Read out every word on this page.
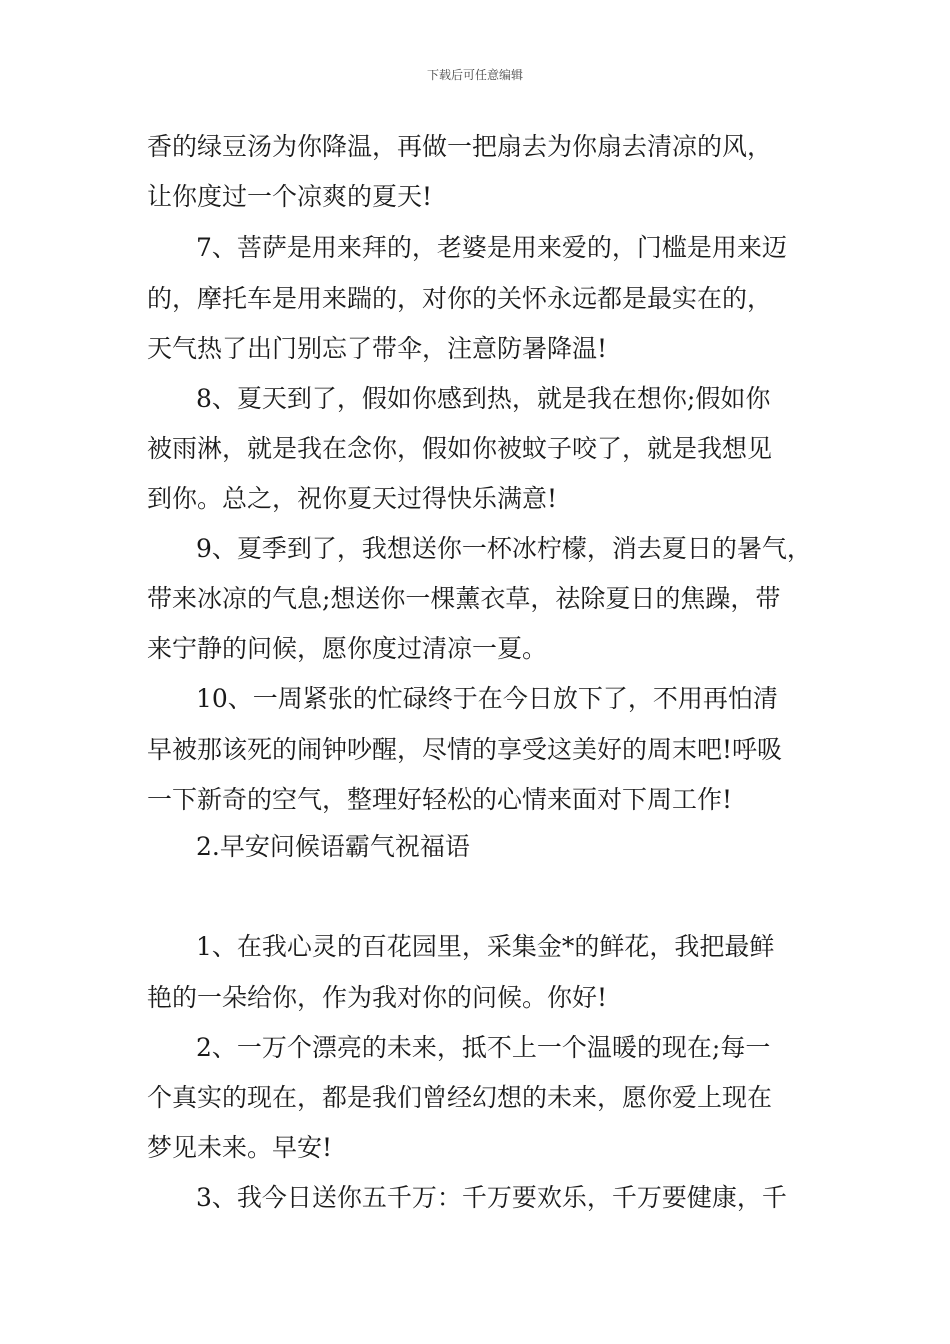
下载后可任意编辑
香的绿豆汤为你降温，再做一把扇去为你扇去清凉的风，
让你度过一个凉爽的夏天!
7、菩萨是用来拜的，老婆是用来爱的，门槛是用来迈
的，摩托车是用来踹的，对你的关怀永远都是最实在的，
天气热了出门别忘了带伞，注意防暑降温!
8、夏天到了，假如你感到热，就是我在想你;假如你
被雨淋，就是我在念你，假如你被蚊子咬了，就是我想见
到你。总之，祝你夏天过得快乐满意!
9、夏季到了，我想送你一杯冰柠檬，消去夏日的暑气，
带来冰凉的气息;想送你一棵薰衣草，祛除夏日的焦躁，带
来宁静的问候，愿你度过清凉一夏。
10、一周紧张的忙碌终于在今日放下了，不用再怕清
早被那该死的闹钟吵醒，尽情的享受这美好的周末吧!呼吸
一下新奇的空气，整理好轻松的心情来面对下周工作!
2.早安问候语霸气祝福语
1、在我心灵的百花园里，采集金*的鲜花，我把最鲜
艳的一朵给你，作为我对你的问候。你好!
2、一万个漂亮的未来，抵不上一个温暖的现在;每一
个真实的现在，都是我们曾经幻想的未来，愿你爱上现在
梦见未来。早安!
3、我今日送你五千万：千万要欢乐，千万要健康，千
